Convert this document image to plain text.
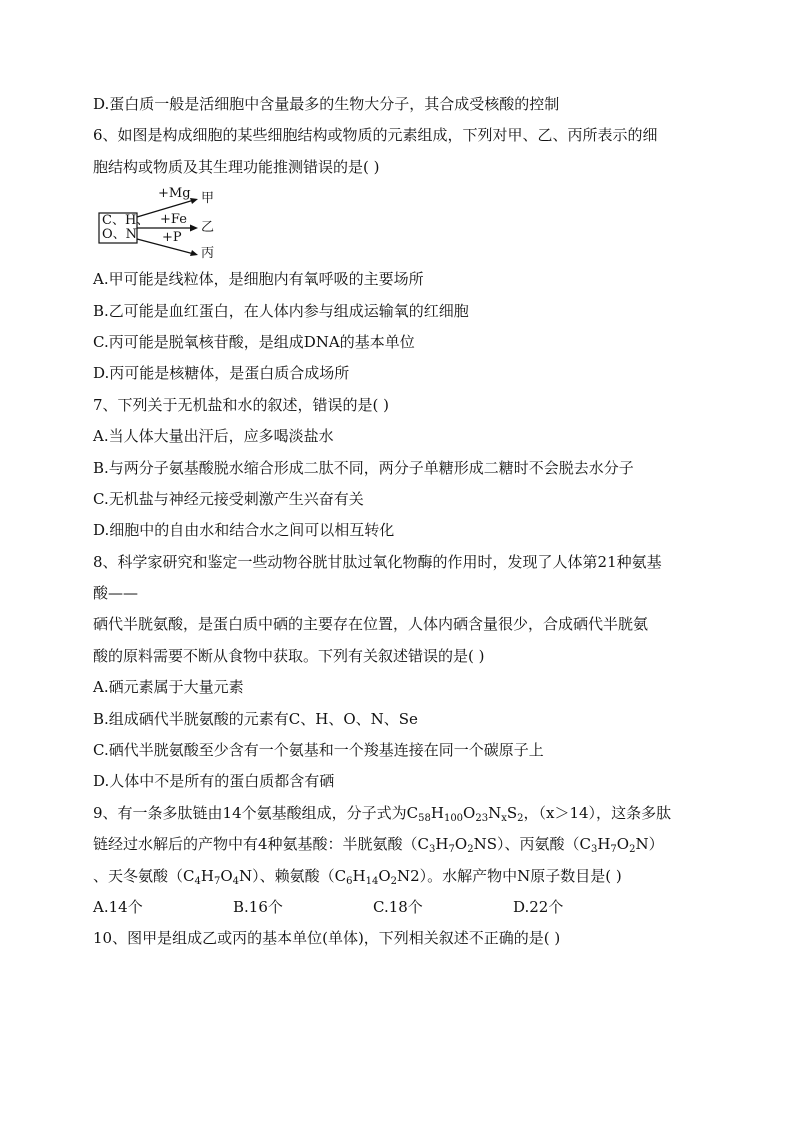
D.蛋白质一般是活细胞中含量最多的生物大分子，其合成受核酸的控制
6、如图是构成细胞的某些细胞结构或物质的元素组成，下列对甲、乙、丙所表示的细
胞结构或物质及其生理功能推测错误的是( )
C、H、
O、N
+Mg
+Fe
+P
甲
乙
丙
A.甲可能是线粒体，是细胞内有氧呼吸的主要场所
B.乙可能是血红蛋白，在人体内参与组成运输氧的红细胞
C.丙可能是脱氧核苷酸，是组成DNA的基本单位
D.丙可能是核糖体，是蛋白质合成场所
7、下列关于无机盐和水的叙述，错误的是( )
A.当人体大量出汗后，应多喝淡盐水
B.与两分子氨基酸脱水缩合形成二肽不同，两分子单糖形成二糖时不会脱去水分子
C.无机盐与神经元接受刺激产生兴奋有关
D.细胞中的自由水和结合水之间可以相互转化
8、科学家研究和鉴定一些动物谷胱甘肽过氧化物酶的作用时，发现了人体第21种氨基
酸——
硒代半胱氨酸，是蛋白质中硒的主要存在位置，人体内硒含量很少，合成硒代半胱氨
酸的原料需要不断从食物中获取。下列有关叙述错误的是( )
A.硒元素属于大量元素
B.组成硒代半胱氨酸的元素有C、H、O、N、Se
C.硒代半胱氨酸至少含有一个氨基和一个羧基连接在同一个碳原子上
D.人体中不是所有的蛋白质都含有硒
9、有一条多肽链由14个氨基酸组成，分子式为$C_{58}H_{100}O_{23}N_xS_2$，（x＞14），这条多肽
链经过水解后的产物中有4种氨基酸：半胱氨酸$(C_3H_7O_2NS)$、丙氨酸$(C_3H_7O_2N)$
、天冬氨酸$(C_4H_7O_4N)$、赖氨酸$(C_6H_{14}O_2N2)$。水解产物中N原子数目是( )
A.14个	B.16个	C.18个	D.22个
10、图甲是组成乙或丙的基本单位(单体)，下列相关叙述不正确的是( )
